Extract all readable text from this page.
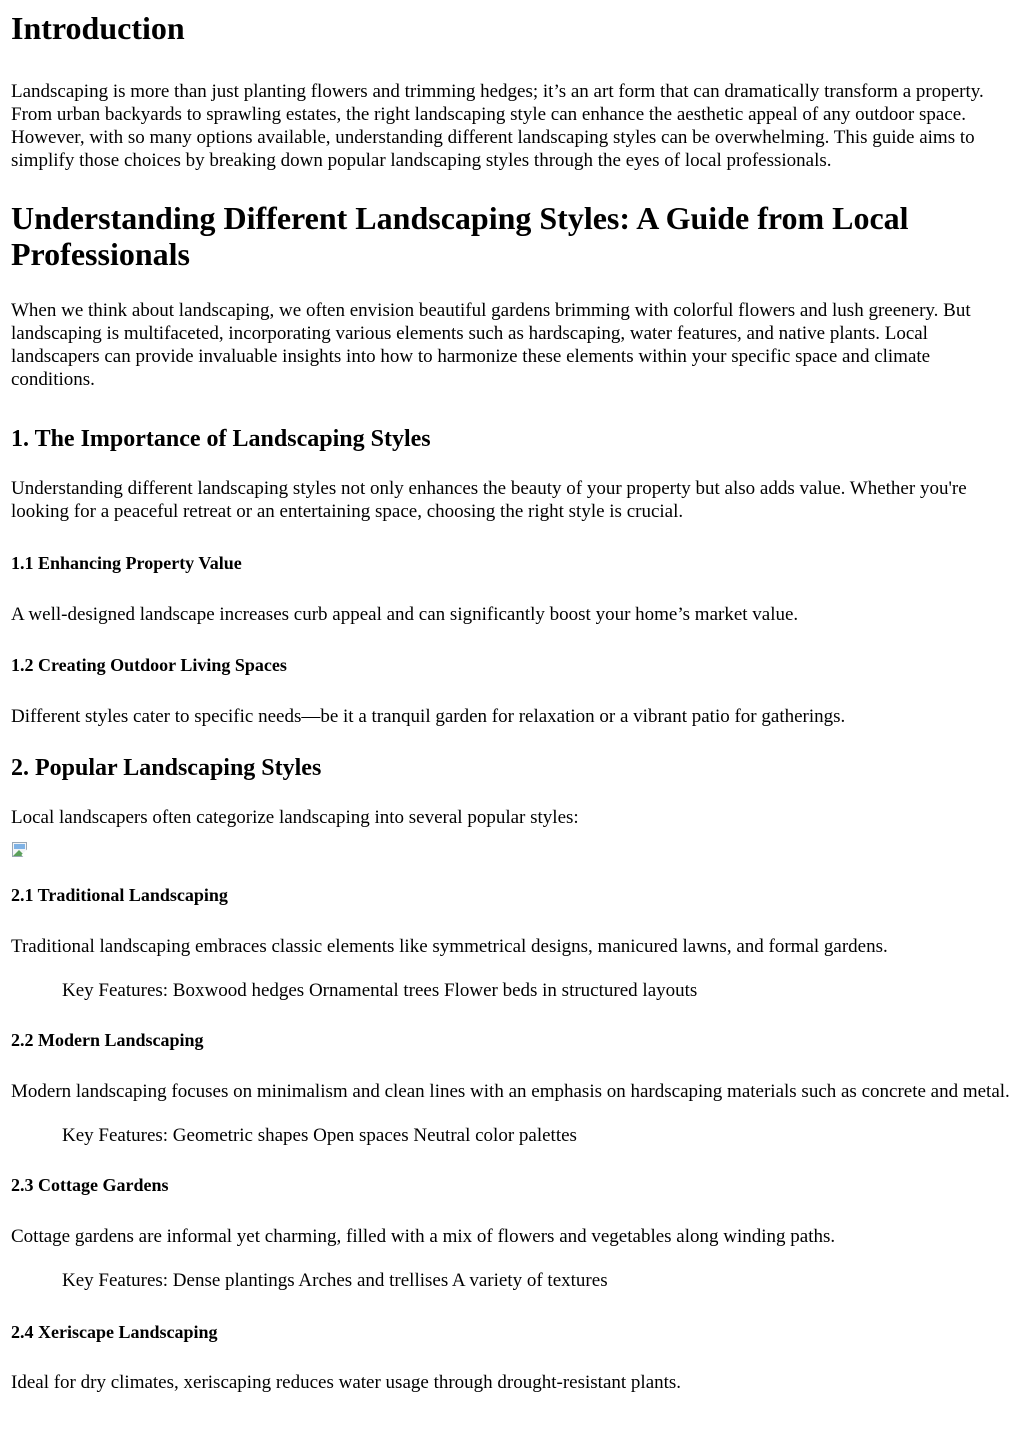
Introduction

Landscaping is more than just planting flowers and trimming hedges; it’s an art form that can dramatically transform a property. From urban backyards to sprawling estates, the right landscaping style can enhance the aesthetic appeal of any outdoor space. However, with so many options available, understanding different landscaping styles can be overwhelming. This guide aims to simplify those choices by breaking down popular landscaping styles through the eyes of local professionals.

Understanding Different Landscaping Styles: A Guide from Local Professionals

When we think about landscaping, we often envision beautiful gardens brimming with colorful flowers and lush greenery. But landscaping is multifaceted, incorporating various elements such as hardscaping, water features, and native plants. Local landscapers can provide invaluable insights into how to harmonize these elements within your specific space and climate conditions.

1. The Importance of Landscaping Styles

Understanding different landscaping styles not only enhances the beauty of your property but also adds value. Whether you're looking for a peaceful retreat or an entertaining space, choosing the right style is crucial.

1.1 Enhancing Property Value

A well-designed landscape increases curb appeal and can significantly boost your home’s market value.

1.2 Creating Outdoor Living Spaces

Different styles cater to specific needs—be it a tranquil garden for relaxation or a vibrant patio for gatherings.

2. Popular Landscaping Styles

Local landscapers often categorize landscaping into several popular styles:

2.1 Traditional Landscaping

Traditional landscaping embraces classic elements like symmetrical designs, manicured lawns, and formal gardens.

Key Features: Boxwood hedges Ornamental trees Flower beds in structured layouts
2.2 Modern Landscaping

Modern landscaping focuses on minimalism and clean lines with an emphasis on hardscaping materials such as concrete and metal.

Key Features: Geometric shapes Open spaces Neutral color palettes
2.3 Cottage Gardens

Cottage gardens are informal yet charming, filled with a mix of flowers and vegetables along winding paths.

Key Features: Dense plantings Arches and trellises A variety of textures
2.4 Xeriscape Landscaping

Ideal for dry climates, xeriscaping reduces water usage through drought-resistant plants.
